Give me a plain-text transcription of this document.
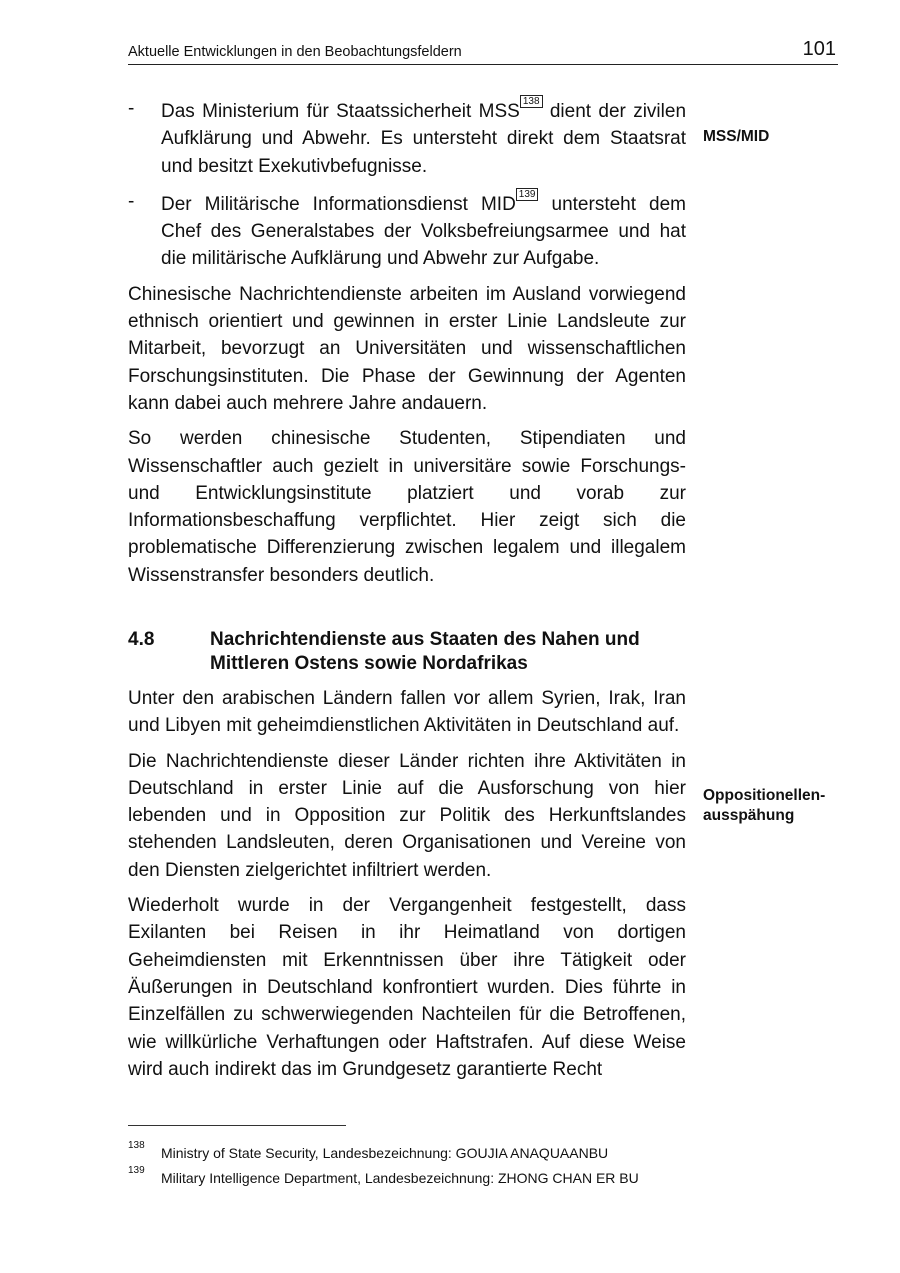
Aktuelle Entwicklungen in den Beobachtungsfeldern	101
- Das Ministerium für Staatssicherheit MSS 138 dient der zivilen Aufklärung und Abwehr. Es untersteht direkt dem Staatsrat und besitzt Exekutivbefugnisse.
- Der Militärische Informationsdienst MID 139 untersteht dem Chef des Generalstabes der Volksbefreiungsarmee und hat die militärische Aufklärung und Abwehr zur Aufgabe.

Chinesische Nachrichtendienste arbeiten im Ausland vorwiegend ethnisch orientiert und gewinnen in erster Linie Landsleute zur Mitarbeit, bevorzugt an Universitäten und wissenschaftlichen Forschungsinstituten. Die Phase der Gewinnung der Agenten kann dabei auch mehrere Jahre andauern.

So werden chinesische Studenten, Stipendiaten und Wissenschaftler auch gezielt in universitäre sowie Forschungs- und Entwicklungsinstitute platziert und vorab zur Informationsbeschaffung verpflichtet. Hier zeigt sich die problematische Differenzierung zwischen legalem und illegalem Wissenstransfer besonders deutlich.

4.8	Nachrichtendienste aus Staaten des Nahen und Mittleren Ostens sowie Nordafrikas

Unter den arabischen Ländern fallen vor allem Syrien, Irak, Iran und Libyen mit geheimdienstlichen Aktivitäten in Deutschland auf.

Die Nachrichtendienste dieser Länder richten ihre Aktivitäten in Deutschland in erster Linie auf die Ausforschung von hier lebenden und in Opposition zur Politik des Herkunftslandes stehenden Landsleuten, deren Organisationen und Vereine von den Diensten zielgerichtet infiltriert werden.

Wiederholt wurde in der Vergangenheit festgestellt, dass Exilanten bei Reisen in ihr Heimatland von dortigen Geheimdiensten mit Erkenntnissen über ihre Tätigkeit oder Äußerungen in Deutschland konfrontiert wurden. Dies führte in Einzelfällen zu schwerwiegenden Nachteilen für die Betroffenen, wie willkürliche Verhaftungen oder Haftstrafen. Auf diese Weise wird auch indirekt das im Grundgesetz garantierte Recht

MSS/MID
Oppositionellen-
ausspähung
138 Ministry of State Security, Landesbezeichnung: GOUJIA ANAQUAANBU
139 Military Intelligence Department, Landesbezeichnung: ZHONG CHAN ER BU
